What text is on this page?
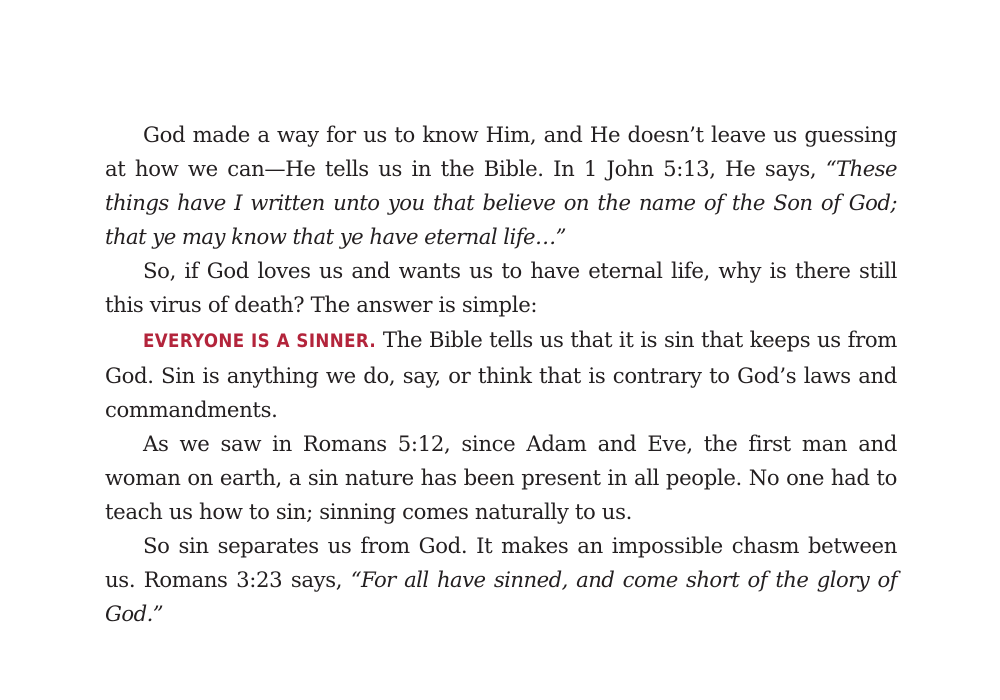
God made a way for us to know Him, and He doesn’t leave us guessing at how we can—He tells us in the Bible. In 1 John 5:13, He says, “These things have I written unto you that believe on the name of the Son of God; that ye may know that ye have eternal life…”

So, if God loves us and wants us to have eternal life, why is there still this virus of death? The answer is simple:

EVERYONE IS A SINNER. The Bible tells us that it is sin that keeps us from God. Sin is anything we do, say, or think that is contrary to God’s laws and commandments.

As we saw in Romans 5:12, since Adam and Eve, the first man and woman on earth, a sin nature has been present in all people. No one had to teach us how to sin; sinning comes naturally to us.

So sin separates us from God. It makes an impossible chasm between us. Romans 3:23 says, “For all have sinned, and come short of the glory of God.”
